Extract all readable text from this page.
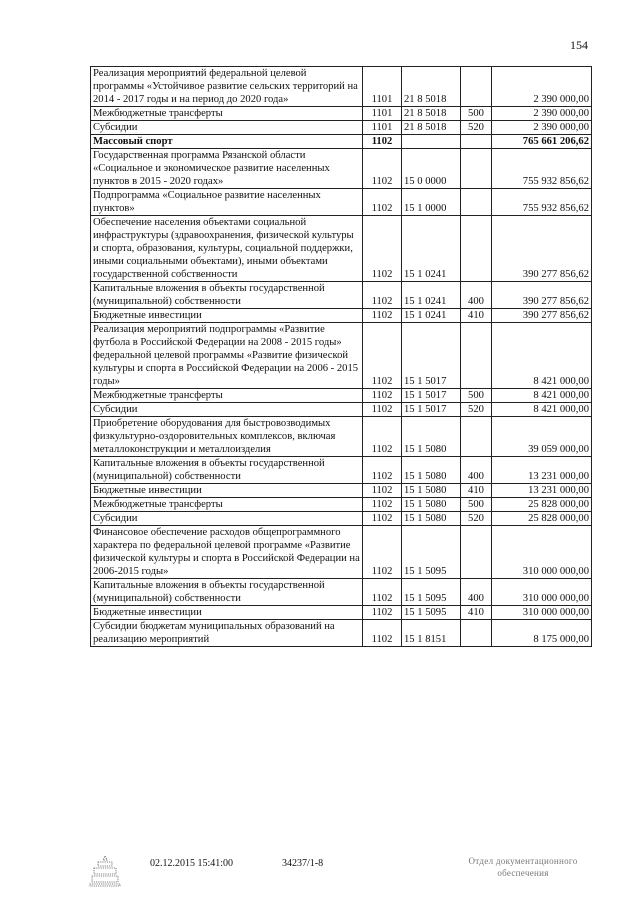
154
Реализация мероприятий федеральной целевой программы «Устойчивое развитие сельских территорий на 2014 - 2017 годы и на период до 2020 года»	1101	21 8 5018		2 390 000,00
Межбюджетные трансферты	1101	21 8 5018	500	2 390 000,00
Субсидии	1101	21 8 5018	520	2 390 000,00
Массовый спорт	1102			765 661 206,62
Государственная программа Рязанской области «Социальное и экономическое развитие населенных пунктов в 2015 - 2020 годах»	1102	15 0 0000		755 932 856,62
Подпрограмма «Социальное развитие населенных пунктов»	1102	15 1 0000		755 932 856,62
Обеспечение населения объектами социальной инфраструктуры (здравоохранения, физической культуры и спорта, образования, культуры, социальной поддержки, иными социальными объектами), иными объектами государственной собственности	1102	15 1 0241		390 277 856,62
Капитальные вложения в объекты государственной (муниципальной) собственности	1102	15 1 0241	400	390 277 856,62
Бюджетные инвестиции	1102	15 1 0241	410	390 277 856,62
Реализация мероприятий подпрограммы «Развитие футбола в Российской Федерации на 2008 - 2015 годы» федеральной целевой программы «Развитие физической культуры и спорта в Российской Федерации на 2006 - 2015 годы»	1102	15 1 5017		8 421 000,00
Межбюджетные трансферты	1102	15 1 5017	500	8 421 000,00
Субсидии	1102	15 1 5017	520	8 421 000,00
Приобретение оборудования для быстровозводимых физкультурно-оздоровительных комплексов, включая металлоконструкции и металлоизделия	1102	15 1 5080		39 059 000,00
Капитальные вложения в объекты государственной (муниципальной) собственности	1102	15 1 5080	400	13 231 000,00
Бюджетные инвестиции	1102	15 1 5080	410	13 231 000,00
Межбюджетные трансферты	1102	15 1 5080	500	25 828 000,00
Субсидии	1102	15 1 5080	520	25 828 000,00
Финансовое обеспечение расходов общепрограммного характера по федеральной целевой программе «Развитие физической культуры и спорта в Российской Федерации на 2006-2015 годы»	1102	15 1 5095		310 000 000,00
Капитальные вложения в объекты государственной (муниципальной) собственности	1102	15 1 5095	400	310 000 000,00
Бюджетные инвестиции	1102	15 1 5095	410	310 000 000,00
Субсидии бюджетам муниципальных образований на реализацию мероприятий	1102	15 1 8151		8 175 000,00
02.12.2015 15:41:00	34237/1-8	Отдел документационного обеспечения
